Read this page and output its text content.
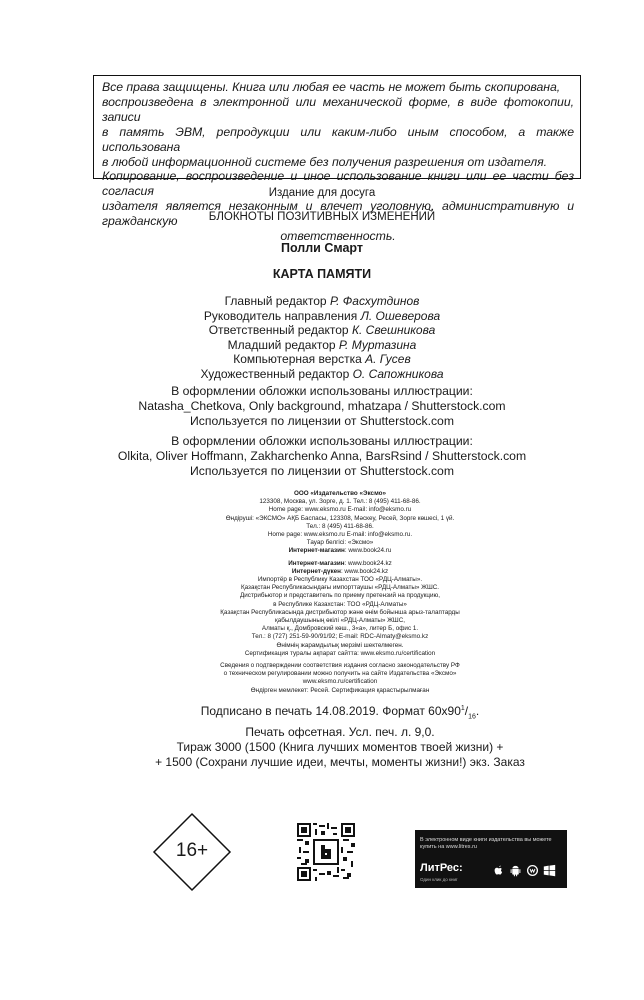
Все права защищены. Книга или любая ее часть не может быть скопирована,

воспроизведена в электронной или механической форме, в виде фотокопии, записи

в память ЭВМ, репродукции или каким-либо иным способом, а также использована

в любой информационной системе без получения разрешения от издателя.

Копирование, воспроизведение и иное использование книги или ее части без согласия

издателя является незаконным и влечет уголовную, административную и гражданскую

ответственность.

Издание для досуга
БЛОКНОТЫ ПОЗИТИВНЫХ ИЗМЕНЕНИЙ
Полли Смарт
КАРТА ПАМЯТИ
Главный редактор Р. Фасхутдинов
Руководитель направления Л. Ошеверова
Ответственный редактор К. Свешникова
Младший редактор Р. Муртазина
Компьютерная верстка А. Гусев
Художественный редактор О. Сапожникова
В оформлении обложки использованы иллюстрации:
Natasha_Chetkova, Only background, mhatzapa / Shutterstock.com
Используется по лицензии от Shutterstock.com
В оформлении обложки использованы иллюстрации:
Olkita, Oliver Hoffmann, Zakharchenko Anna, BarsRsind / Shutterstock.com
Используется по лицензии от Shutterstock.com
ООО «Издательство «Эксмо»
123308, Москва, ул. Зорге, д. 1. Тел.: 8 (495) 411-68-86.
Home page: www.eksmo.ru E-mail: info@eksmo.ru
Өндіруші: «ЭКСМО» АҚБ Баспасы, 123308, Мәскеу, Ресей, Зорге көшесі, 1 үй.
Тел.: 8 (495) 411-68-86.
Home page: www.eksmo.ru E-mail: info@eksmo.ru.
Тауар белгісі: «Эксмо»
Интернет-магазин: www.book24.ru
Интернет-магазин: www.book24.kz
Интернет-дүкен: www.book24.kz
Импортёр в Республику Казахстан ТОО «РДЦ-Алматы».
Қазақстан Республикасындағы импорттаушы «РДЦ-Алматы» ЖШС.
Дистрибьютор и представитель по приему претензий на продукцию,
в Республике Казахстан: ТОО «РДЦ-Алматы»
Қазақстан Республикасында дистрибьютор және өнім бойынша арыз-талаптарды
қабылдаушының өкілі «РДЦ-Алматы» ЖШС,
Алматы қ., Домбровский көш., 3«а», литер Б, офис 1.
Тел.: 8 (727) 251-59-90/91/92; E-mail: RDC-Almaty@eksmo.kz
Өнімнің жарамдылық мерзімі шектелмеген.
Сертификация туралы ақпарат сайтта: www.eksmo.ru/certification
Сведения о подтверждении соответствия издания согласно законодательству РФ
о техническом регулировании можно получить на сайте Издательства «Эксмо»
www.eksmo.ru/certification
Өндірген мемлекет: Ресей. Сертификация қарастырылмаған
Подписано в печать 14.08.2019. Формат $60х90^1/_{16}$.
Печать офсетная. Усл. печ. л. 9,0.
Тираж 3000 (1500 (Книга лучших моментов твоей жизни) +
+ 1500 (Сохрани лучшие идеи, мечты, моменты жизни!) экз. Заказ
16+	В электронном виде книги издательства вы можете
купить на www.litres.ru
ЛитРес:
Один клик до книг
